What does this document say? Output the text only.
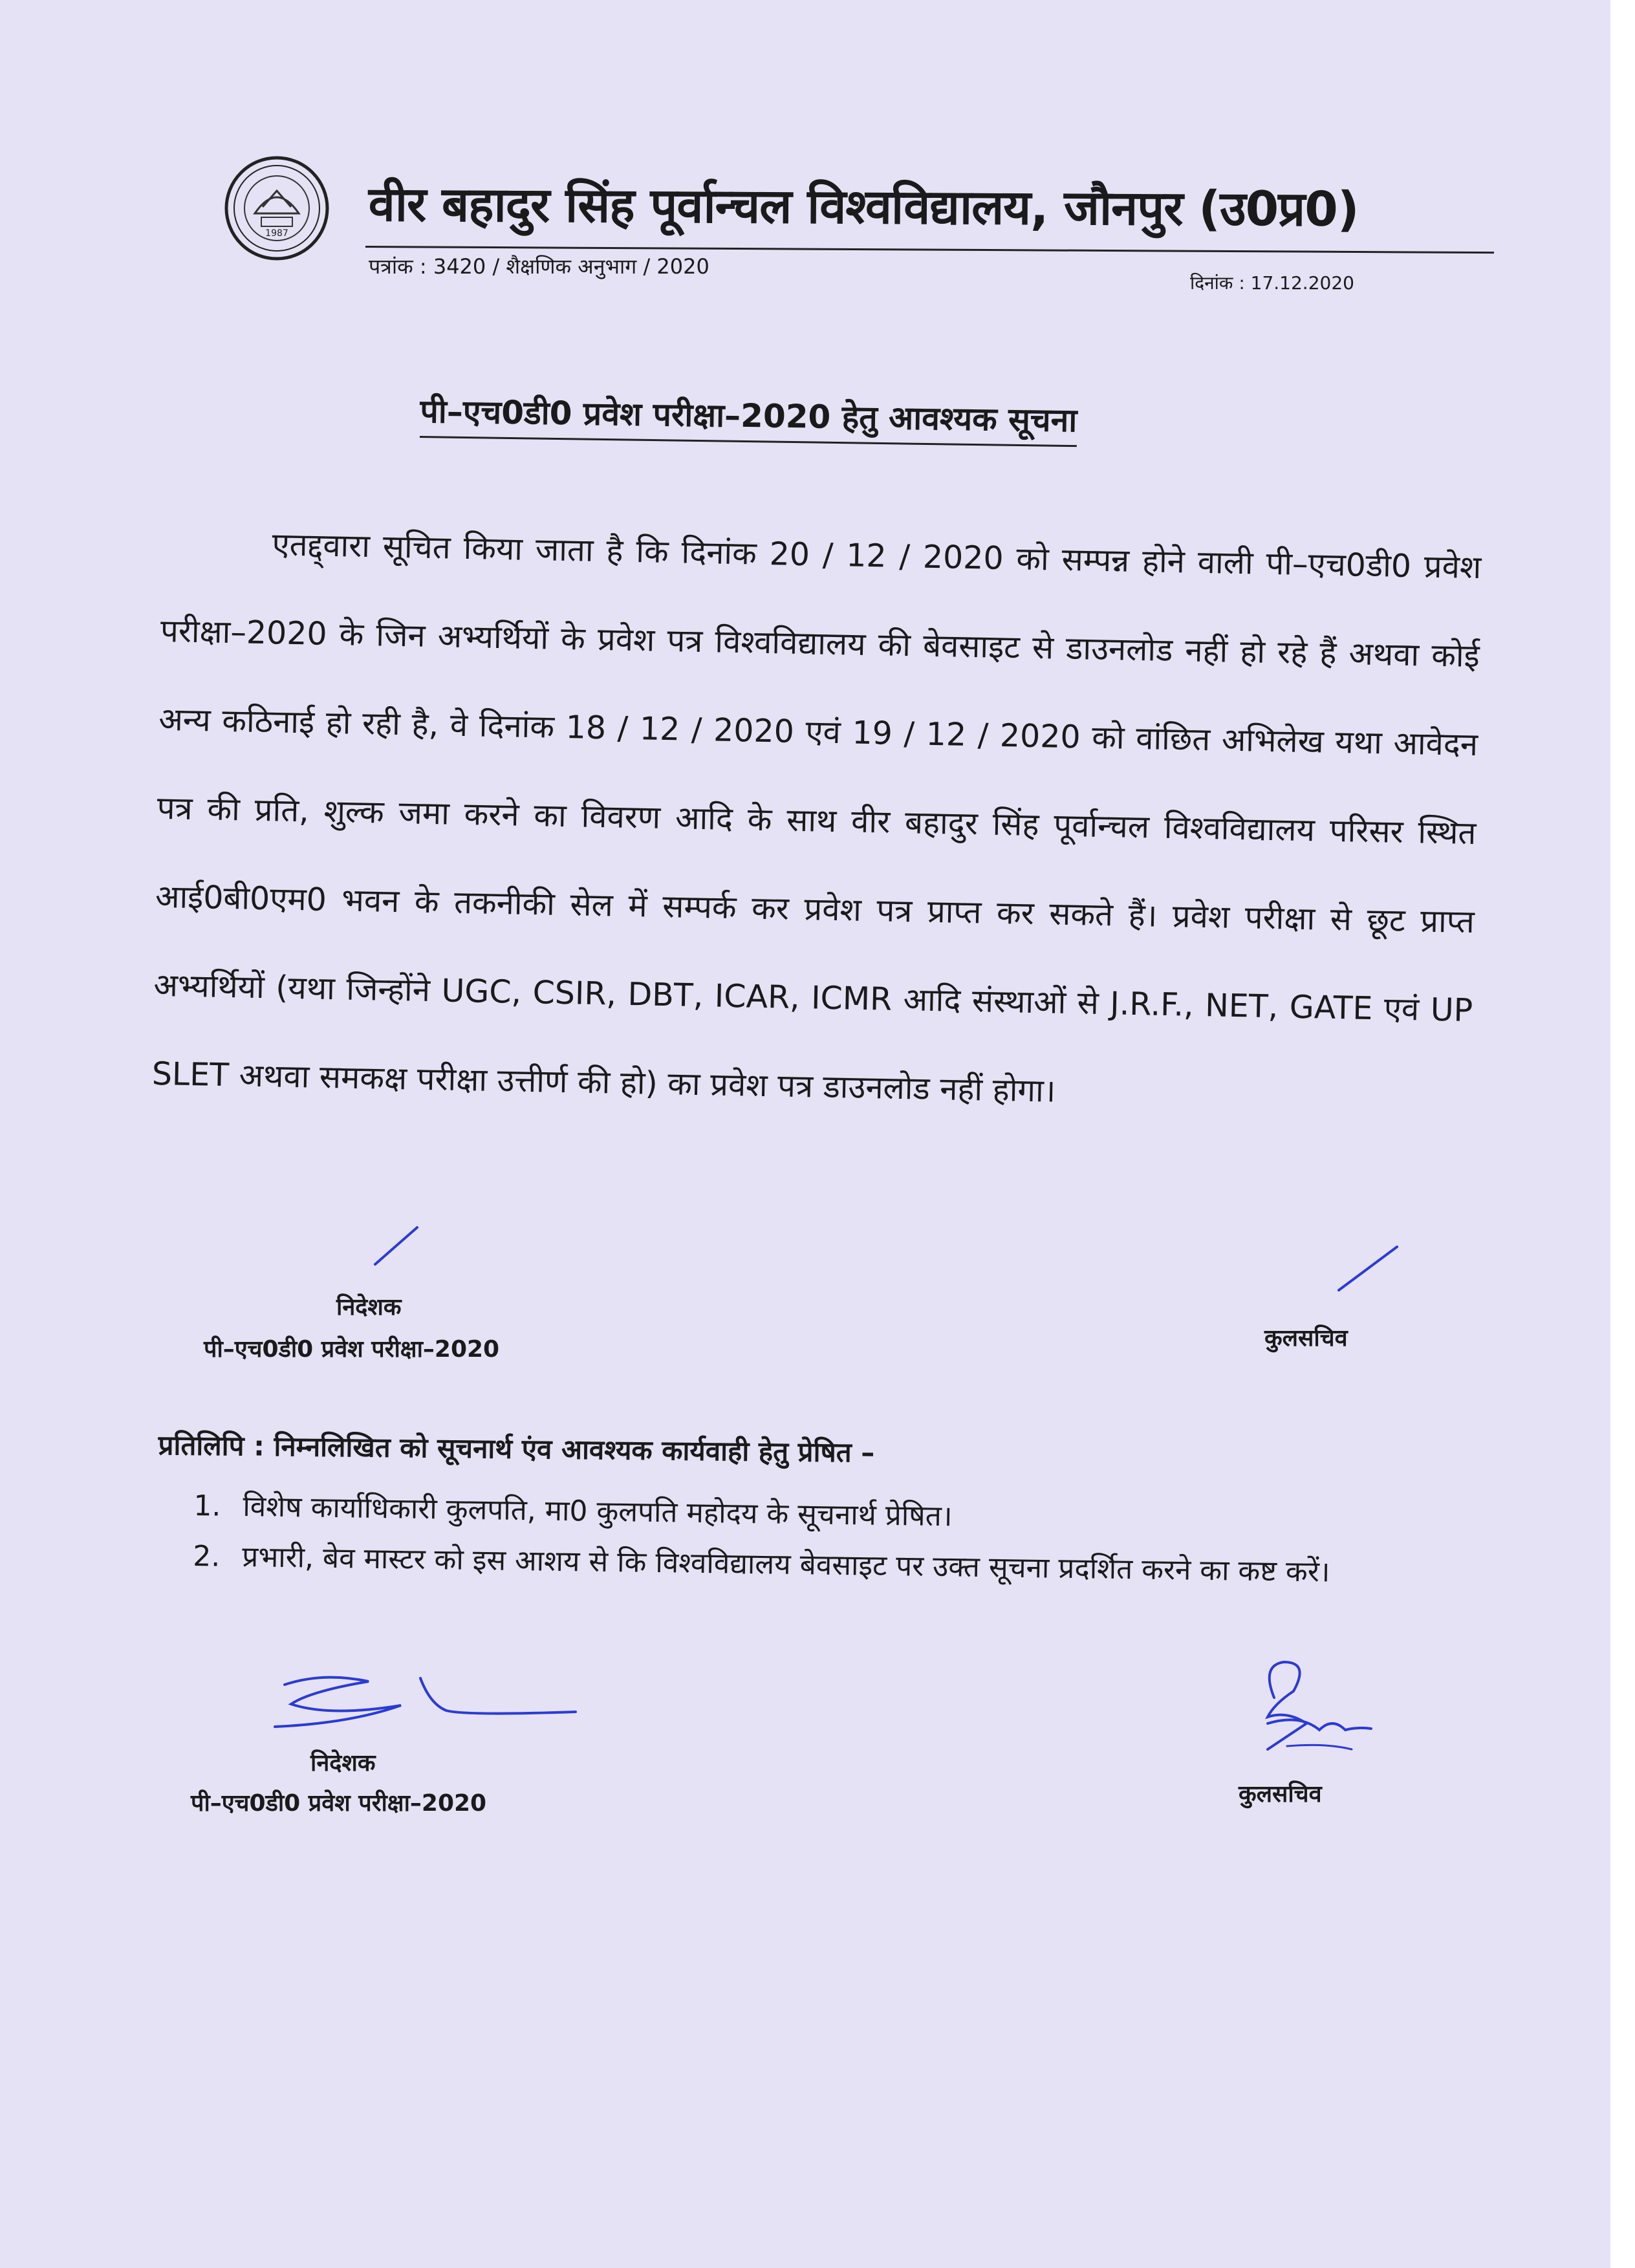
1987 वीर बहादुर सिंह पूर्वान्चल विश्वविद्यालय, जौनपुर (उ0प्र0)
पत्रांक : 3420 / शैक्षणिक अनुभाग / 2020
दिनांक : 17.12.2020
पी–एच0डी0 प्रवेश परीक्षा–2020 हेतु आवश्यक सूचना
एतद्द्वारा सूचित किया जाता है कि दिनांक 20 / 12 / 2020 को सम्पन्न होने वाली पी–एच0डी0 प्रवेश परीक्षा–2020 के जिन अभ्यर्थियों के प्रवेश पत्र विश्वविद्यालय की बेवसाइट से डाउनलोड नहीं हो रहे हैं अथवा कोई अन्य कठिनाई हो रही है, वे दिनांक 18 / 12 / 2020 एवं 19 / 12 / 2020 को वांछित अभिलेख यथा आवेदन पत्र की प्रति, शुल्क जमा करने का विवरण आदि के साथ वीर बहादुर सिंह पूर्वान्चल विश्वविद्यालय परिसर स्थित आई0बी0एम0 भवन के तकनीकी सेल में सम्पर्क कर प्रवेश पत्र प्राप्त कर सकते हैं। प्रवेश परीक्षा से छूट प्राप्त अभ्यर्थियों (यथा जिन्होंने UGC, CSIR, DBT, ICAR, ICMR आदि संस्थाओं से J.R.F., NET, GATE एवं UP SLET अथवा समकक्ष परीक्षा उत्तीर्ण की हो) का प्रवेश पत्र डाउनलोड नहीं होगा।
निदेशक
पी–एच0डी0 प्रवेश परीक्षा–2020	कुलसचिव
प्रतिलिपि : निम्नलिखित को सूचनार्थ एंव आवश्यक कार्यवाही हेतु प्रेषित –
1. विशेष कार्याधिकारी कुलपति, मा0 कुलपति महोदय के सूचनार्थ प्रेषित।
2. प्रभारी, बेव मास्टर को इस आशय से कि विश्वविद्यालय बेवसाइट पर उक्त सूचना प्रदर्शित करने का कष्ट करें।
निदेशक
पी–एच0डी0 प्रवेश परीक्षा–2020	कुलसचिव
